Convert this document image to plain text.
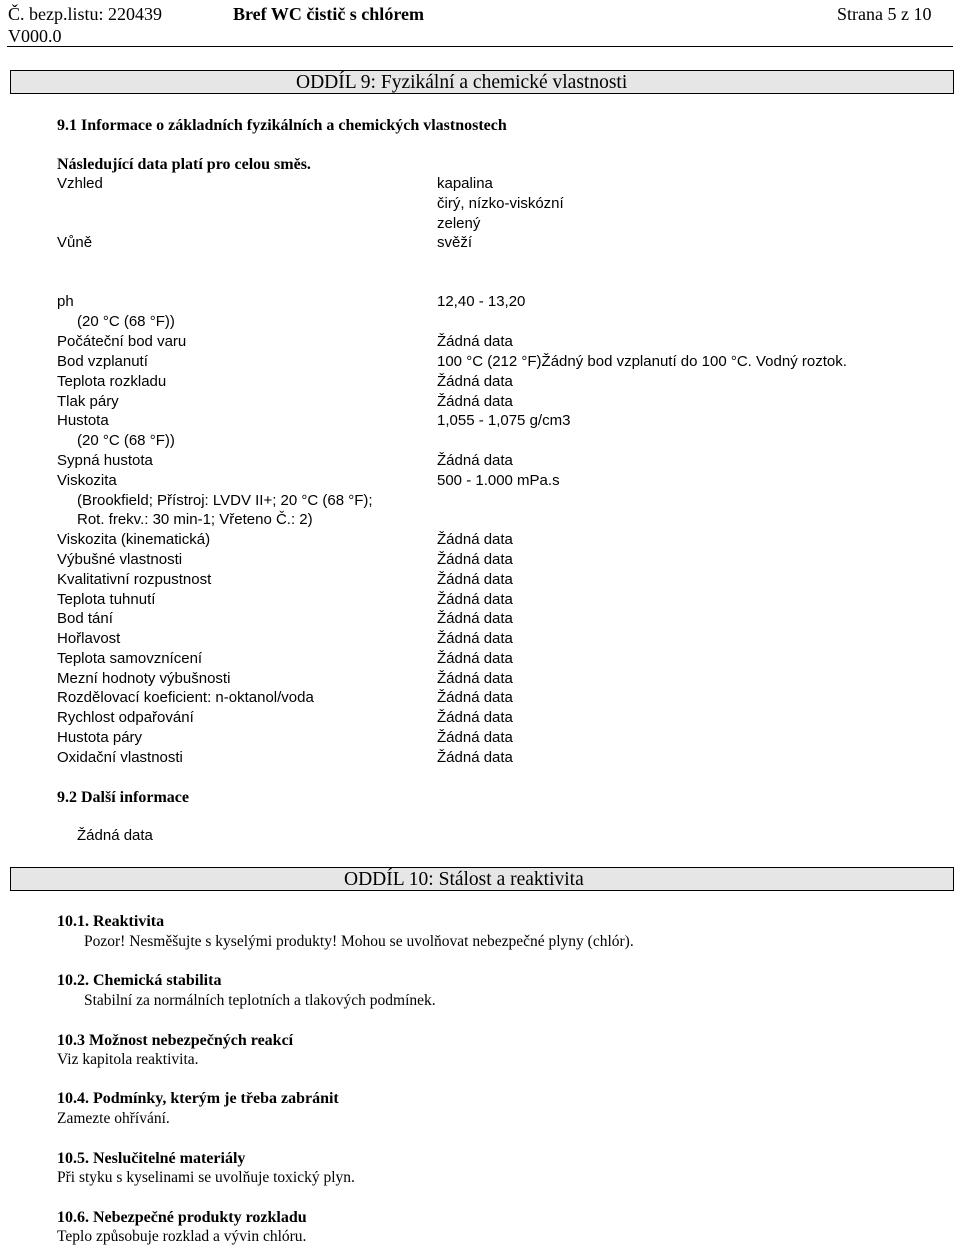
Č. bezp.listu: 220439
V000.0
Bref WC čistič s chlórem	Strana 5 z 10
ODDÍL 9: Fyzikální a chemické vlastnosti
9.1 Informace o základních fyzikálních a chemických vlastnostech
Následující data platí pro celou směs.
Vzhled	kapalina
čirý, nízko-viskózní
zelený
Vůně	svěží
ph	12,40 - 13,20
(20 °C (68 °F))
Počáteční bod varu	Žádná data
Bod vzplanutí	100 °C (212 °F)Žádný bod vzplanutí do 100 °C. Vodný roztok.
Teplota rozkladu	Žádná data
Tlak páry	Žádná data
Hustota	1,055 - 1,075 g/cm3
(20 °C (68 °F))
Sypná hustota	Žádná data
Viskozita	500 - 1.000 mPa.s
(Brookfield; Přístroj: LVDV II+; 20 °C (68 °F);
Rot. frekv.: 30 min-1; Vřeteno Č.: 2)
Viskozita (kinematická)	Žádná data
Výbušné vlastnosti	Žádná data
Kvalitativní rozpustnost	Žádná data
Teplota tuhnutí	Žádná data
Bod tání	Žádná data
Hořlavost	Žádná data
Teplota samovznícení	Žádná data
Mezní hodnoty výbušnosti	Žádná data
Rozdělovací koeficient: n-oktanol/voda	Žádná data
Rychlost odpařování	Žádná data
Hustota páry	Žádná data
Oxidační vlastnosti	Žádná data
9.2 Další informace
Žádná data
ODDÍL 10: Stálost a reaktivita
10.1. Reaktivita
Pozor! Nesměšujte s kyselými produkty! Mohou se uvolňovat nebezpečné plyny (chlór).
10.2. Chemická stabilita
Stabilní za normálních teplotních a tlakových podmínek.
10.3 Možnost nebezpečných reakcí
Viz kapitola reaktivita.
10.4. Podmínky, kterým je třeba zabránit
Zamezte ohřívání.
10.5. Neslučitelné materiály
Při styku s kyselinami se uvolňuje toxický plyn.
10.6. Nebezpečné produkty rozkladu
Teplo způsobuje rozklad a vývin chlóru.
